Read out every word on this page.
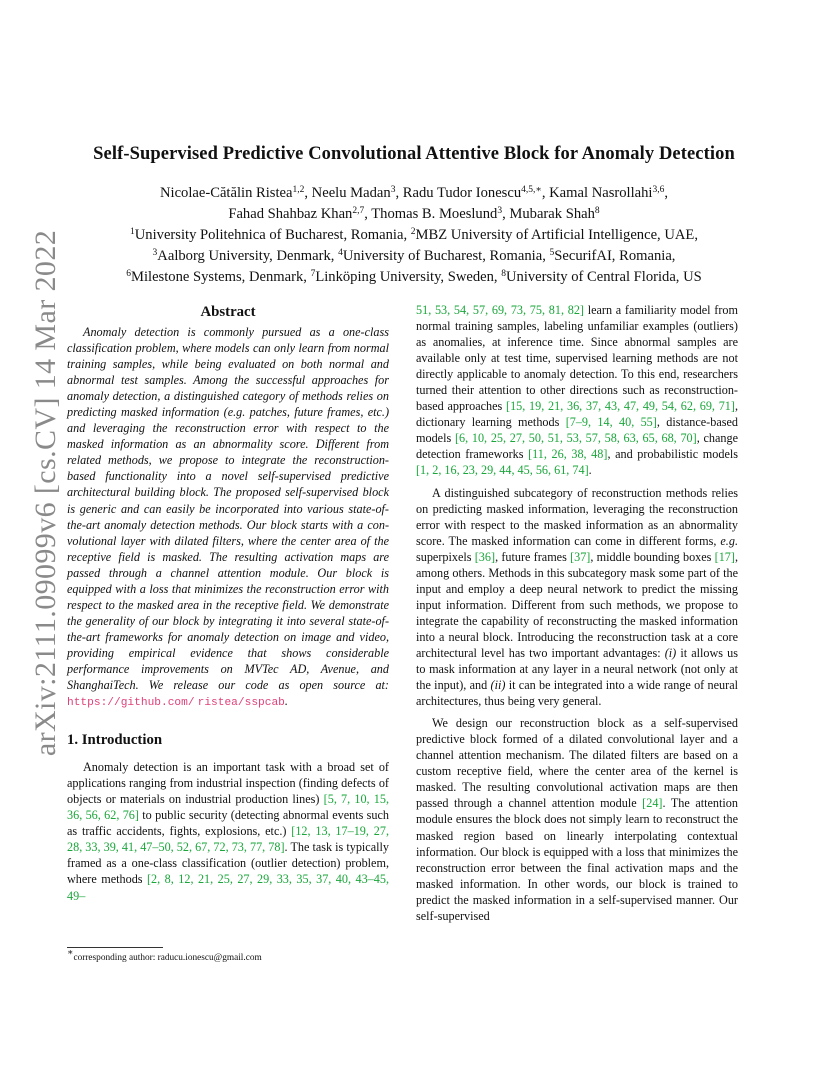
arXiv:2111.09099v6 [cs.CV] 14 Mar 2022
Self-Supervised Predictive Convolutional Attentive Block for Anomaly Detection
Nicolae-Cătălin Ristea$^{1,2}$, Neelu Madan$^3$, Radu Tudor Ionescu$^{4,5,∗}$, Kamal Nasrollahi$^{3,6}$,
Fahad Shahbaz Khan$^{2,7}$, Thomas B. Moeslund$^3$, Mubarak Shah$^8$
$^1$University Politehnica of Bucharest, Romania, $^2$MBZ University of Artificial Intelligence, UAE,
$^3$Aalborg University, Denmark, $^4$University of Bucharest, Romania, $^5$SecurifAI, Romania,
$^6$Milestone Systems, Denmark, $^7$Linköping University, Sweden, $^8$University of Central Florida, US
Abstract

Anomaly detection is commonly pursued as a one-class classification problem, where models can only learn from normal training samples, while being evaluated on both normal and abnormal test samples. Among the successful approaches for anomaly detection, a distinguished category of methods relies on predicting masked information (e.g. patches, future frames, etc.) and leveraging the reconstruction error with respect to the masked information as an abnormality score. Different from related methods, we propose to integrate the reconstruction-based functionality into a novel self-supervised predictive architectural building block. The proposed self-supervised block is generic and can easily be incorporated into various state-of-the-art anomaly detection methods. Our block starts with a convolutional layer with dilated filters, where the center area of the receptive field is masked. The resulting activation maps are passed through a channel attention module. Our block is equipped with a loss that minimizes the reconstruction error with respect to the masked area in the receptive field. We demonstrate the generality of our block by integrating it into several state-of-the-art frameworks for anomaly detection on image and video, providing empirical evidence that shows considerable performance improvements on MVTec AD, Avenue, and ShanghaiTech. We release our code as open source at: https://github.com/ ristea/sspcab.

1. Introduction

Anomaly detection is an important task with a broad set of applications ranging from industrial inspection (finding defects of objects or materials on industrial production lines) [5, 7, 10, 15, 36, 56, 62, 76] to public security (detecting abnormal events such as traffic accidents, fights, explosions, etc.) [12, 13, 17–19, 27, 28, 33, 39, 41, 47–50, 52, 67, 72, 73, 77, 78]. The task is typically framed as a one-class classification (outlier detection) problem, where methods [2, 8, 12, 21, 25, 27, 29, 33, 35, 37, 40, 43–45, 49–

51, 53, 54, 57, 69, 73, 75, 81, 82] learn a familiarity model from normal training samples, labeling unfamiliar examples (outliers) as anomalies, at inference time. Since abnormal samples are available only at test time, supervised learning methods are not directly applicable to anomaly detection. To this end, researchers turned their attention to other directions such as reconstruction-based approaches [15, 19, 21, 36, 37, 43, 47, 49, 54, 62, 69, 71], dictionary learning methods [7–9, 14, 40, 55], distance-based models [6, 10, 25, 27, 50, 51, 53, 57, 58, 63, 65, 68, 70], change detection frameworks [11, 26, 38, 48], and probabilistic models [1, 2, 16, 23, 29, 44, 45, 56, 61, 74].

A distinguished subcategory of reconstruction methods relies on predicting masked information, leveraging the reconstruction error with respect to the masked information as an abnormality score. The masked information can come in different forms, e.g. superpixels [36], future frames [37], middle bounding boxes [17], among others. Methods in this subcategory mask some part of the input and employ a deep neural network to predict the missing input information. Different from such methods, we propose to integrate the capability of reconstructing the masked information into a neural block. Introducing the reconstruction task at a core architectural level has two important advantages: (i) it allows us to mask information at any layer in a neural network (not only at the input), and (ii) it can be integrated into a wide range of neural architectures, thus being very general.

We design our reconstruction block as a self-supervised predictive block formed of a dilated convolutional layer and a channel attention mechanism. The dilated filters are based on a custom receptive field, where the center area of the kernel is masked. The resulting convolutional activation maps are then passed through a channel attention module [24]. The attention module ensures the block does not simply learn to reconstruct the masked region based on linearly interpolating contextual information. Our block is equipped with a loss that minimizes the reconstruction error between the final activation maps and the masked information. In other words, our block is trained to predict the masked information in a self-supervised manner. Our self-supervised

∗corresponding author: raducu.ionescu@gmail.com
